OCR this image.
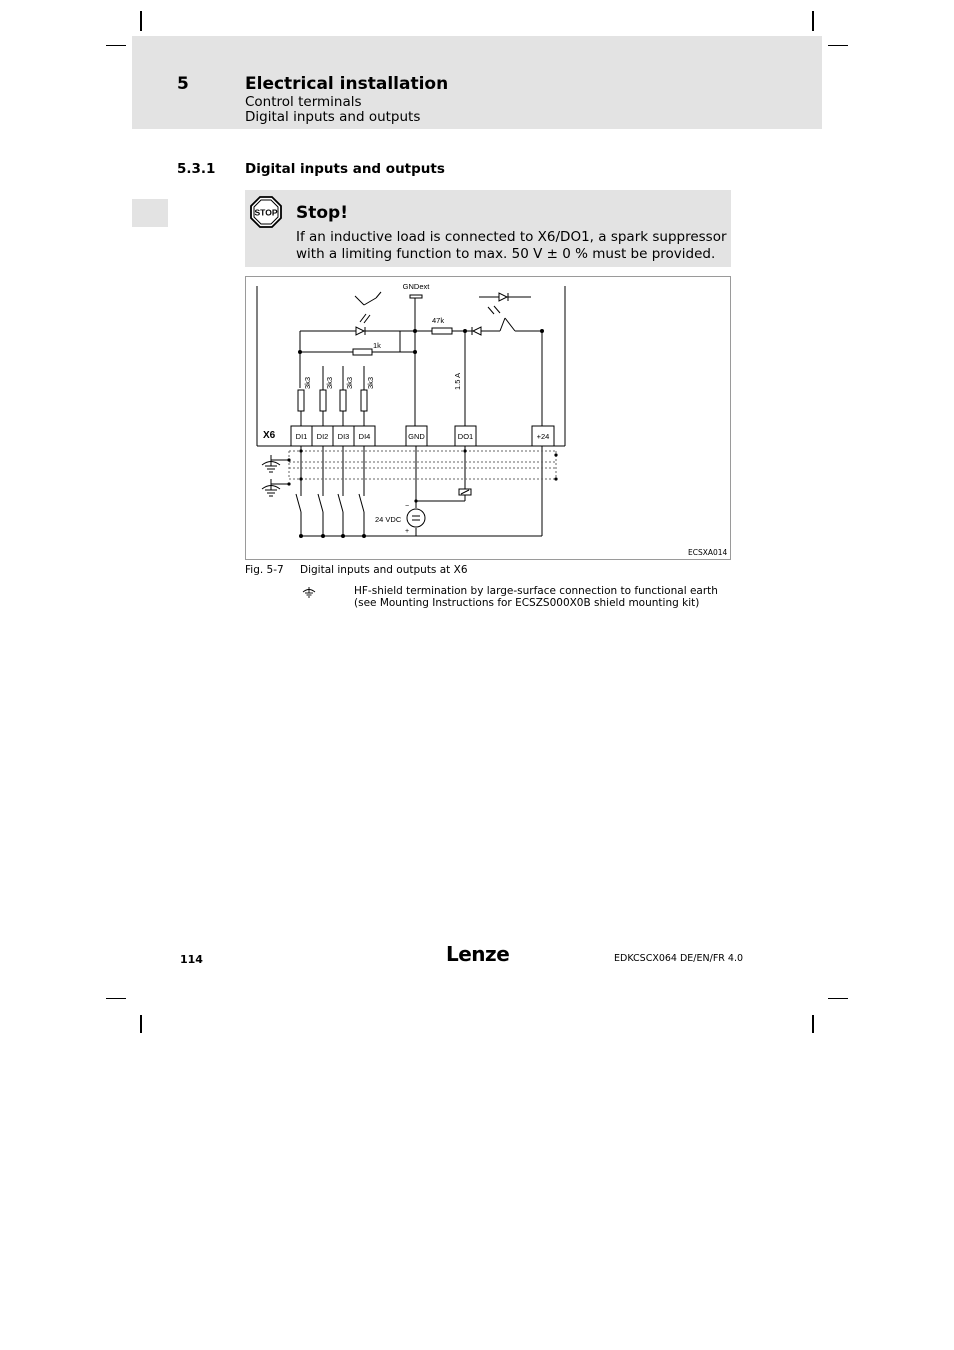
5	Electrical installation
Control terminals
Digital inputs and outputs
5.3.1 Digital inputs and outputs
STOP Stop!
If an inductive load is connected to X6/DO1, a spark suppressor with a limiting function to max. 50 V ± 0 % must be provided.
GNDext
47k
1k
3k3 3k3 3k3 3k3	1.5 A
X6	DI1 DI2 DI3 DI4	GND	DO1	+24
24 VDC
−
+
ECSXA014
Fig. 5-7 Digital inputs and outputs at X6
HF-shield termination by large-surface connection to functional earth (see Mounting Instructions for ECSZS000X0B shield mounting kit)
114	Lenze	EDKCSCX064 DE/EN/FR 4.0
